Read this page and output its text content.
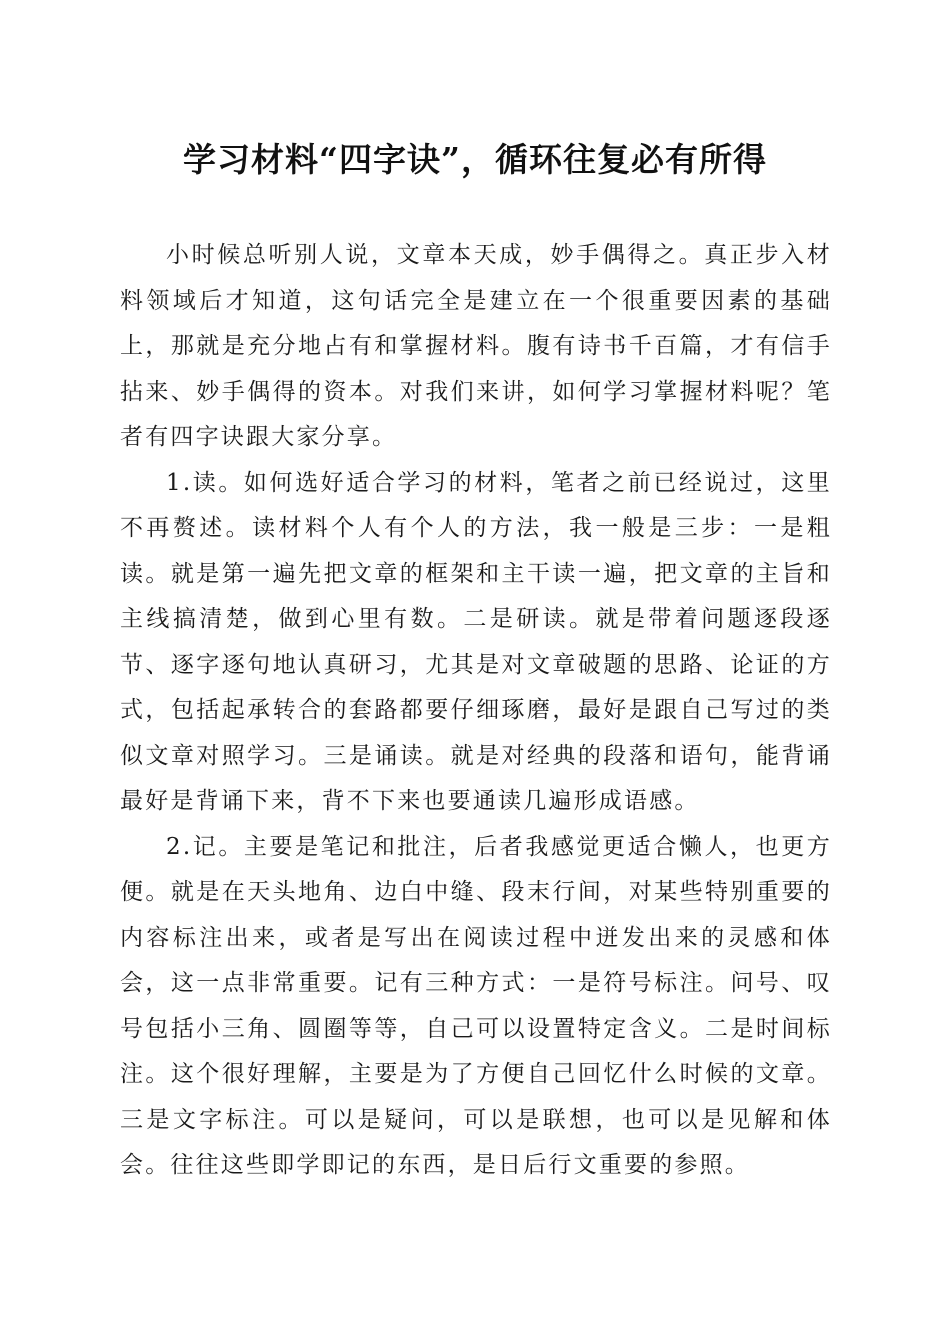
学习材料“四字诀”，循环往复必有所得

小时候总听别人说，文章本天成，妙手偶得之。真正步入材料领域后才知道，这句话完全是建立在一个很重要因素的基础上，那就是充分地占有和掌握材料。腹有诗书千百篇，才有信手拈来、妙手偶得的资本。对我们来讲，如何学习掌握材料呢？笔者有四字诀跟大家分享。

1.读。如何选好适合学习的材料，笔者之前已经说过，这里不再赘述。读材料个人有个人的方法，我一般是三步：一是粗读。就是第一遍先把文章的框架和主干读一遍，把文章的主旨和主线搞清楚，做到心里有数。二是研读。就是带着问题逐段逐节、逐字逐句地认真研习，尤其是对文章破题的思路、论证的方式，包括起承转合的套路都要仔细琢磨，最好是跟自己写过的类似文章对照学习。三是诵读。就是对经典的段落和语句，能背诵最好是背诵下来，背不下来也要通读几遍形成语感。

2.记。主要是笔记和批注，后者我感觉更适合懒人，也更方便。就是在天头地角、边白中缝、段末行间，对某些特别重要的内容标注出来，或者是写出在阅读过程中迸发出来的灵感和体会，这一点非常重要。记有三种方式：一是符号标注。问号、叹号包括小三角、圆圈等等，自己可以设置特定含义。二是时间标注。这个很好理解，主要是为了方便自己回忆什么时候的文章。三是文字标注。可以是疑问，可以是联想，也可以是见解和体会。往往这些即学即记的东西，是日后行文重要的参照。
